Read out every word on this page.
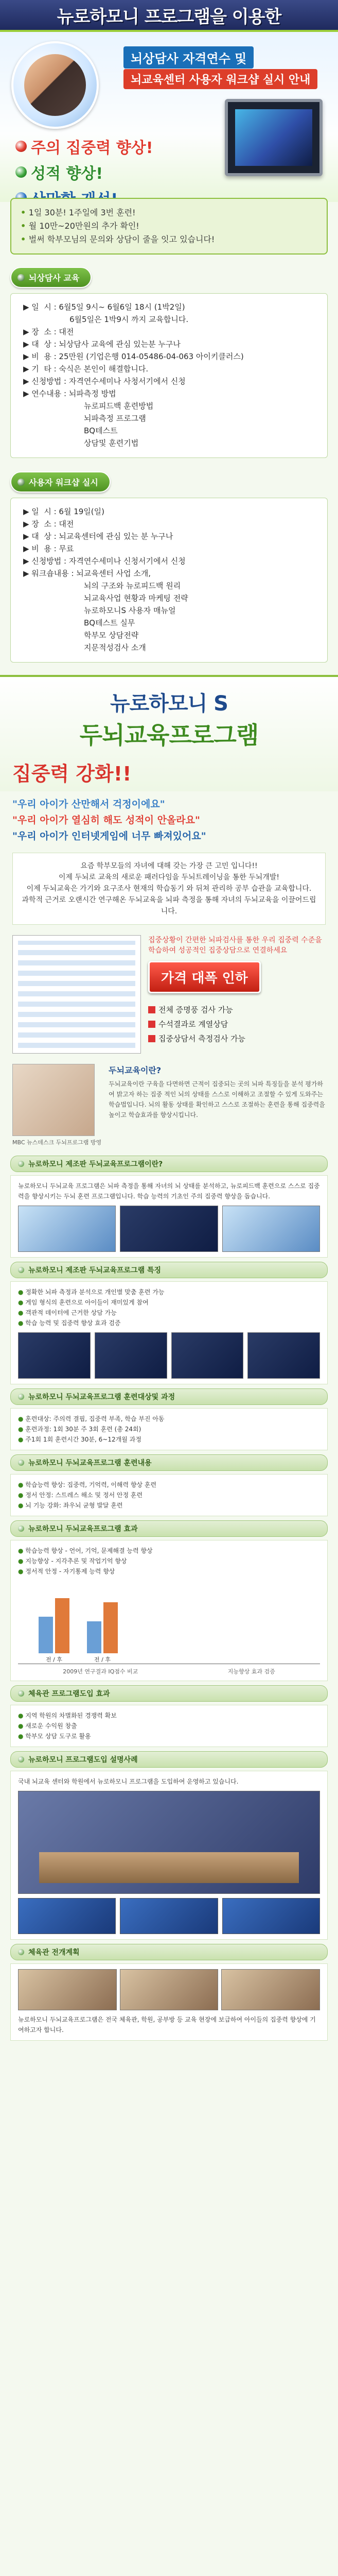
뉴로하모니 프로그램을 이용한
뇌상담사 자격연수 및
뇌교육센터 사용자 워크샵 실시 안내
주의 집중력 향상!
성적 향상!

• 1일 30분! 1주일에 3번 훈련!

• 월 10만~20만원의 추가 확인!

• 벌써 학부모님의 문의와 상담이 줄을 잇고 있습니다!

뇌상담사 교육
▶ 일  시 : 6월5일 9시~ 6월6일 18시 (1박2일)
6월5일은 1박9시 까지 교육합니다.
▶ 장  소 : 대전
▶ 대  상 : 뇌상담사 교육에 관심 있는분 누구나
▶ 비  용 : 25만원 (기업은행 014-05486-04-063 아이키클러스)
▶ 기  타 : 숙식은 본인이 해결합니다.
▶ 신청방법 : 자격연수세미나 사청서기에서 신청
▶ 연수내용 : 뇌파측정 방법
뉴로피드백 훈련방법
뇌파측정 프로그램
BQ테스트
상담및 훈련기법
사용자 워크샵 실시
▶ 일  시 : 6월 19일(일)
▶ 장  소 : 대전
▶ 대  상 : 뇌교육센터에 관심 있는 분 누구나
▶ 비  용 : 무료
▶ 신청방법 : 자격연수세미나 신청서기에서 신청
▶ 워크숍내용 : 뇌교육센터 사업 소개,
뇌의 구조와 뉴로피드백 원리
뇌교육사업 현황과 마케팅 전략
뉴로하모니S 사용자 매뉴얼
BQ테스트 실무
학부모 상담전략
지문적성검사 소개
뉴로하모니 S
두뇌교육프로그램
집중력 강화!!
"우리 아이가 산만해서 걱정이에요"
"우리 아이가 열심히 해도 성적이 안올라요"
"우리 아이가 인터넷게임에 너무 빠져있어요"

요즘 학부모들의 자녀에 대해 갖는 가장 큰 고민 입니다!!

이제 두뇌로 교육의 새로운 패러다임을 두뇌트레이닝을 통한 두뇌개발!

이제 두뇌교육은 가기와 요구조사 현재의 학습동기 와 뒤쳐 관리하 공부 습관을 교육합니다.

과학적 근거로 오랜시간 연구해온 두뇌교육을 뇌파 측정을 통해 자녀의 두뇌교육을 이끌어드립니다.

집중상황이 간편한 뇌파검사를 통한 우리 집중력 수준을 학습하여 성공적인 집중상담으로 연결하세요
가격 대폭 인하
전체 증명풍 검사 가능
수석결과로 계열상담
집중상담서 측정검사 가능
MBC 뉴스데스크 두뇌프로그램 방영
두뇌교육이란?

두뇌교육이란 구육을 다면하면 근적이 집중되는 곳의 뇌파 특징들을 분석 평가하여 밝고자 하는 집중 적인 뇌의 상태를 스스로 이해하고 조절할 수 있게 도와주는 학습법입니다. 뇌의 활동 상태를 확인하고 스스로 조절하는 훈련을 통해 집중력을 높이고 학습효과를 향상시킵니다.

뉴로하모니 제조판 두뇌교육프로그램이란?

뉴로하모니 두뇌교육 프로그램은 뇌파 측정을 통해 자녀의 뇌 상태를 분석하고, 뉴로피드백 훈련으로 스스로 집중력을 향상시키는 두뇌 훈련 프로그램입니다. 학습 능력의 기초인 주의 집중력 향상을 돕습니다.

뉴로하모니 제조판 두뇌교육프로그램 특징
● 정확한 뇌파 측정과 분석으로 개인별 맞춤 훈련 가능
● 게임 형식의 훈련으로 아이들이 재미있게 참여
● 객관적 데이터에 근거한 상담 가능
● 학습 능력 및 집중력 향상 효과 검증
뉴로하모니 두뇌교육프로그램 훈련대상및 과정
● 훈련대상: 주의력 결핍, 집중력 부족, 학습 부진 아동
● 훈련과정: 1회 30분 주 3회 훈련 (총 24회)
● 주1회 1회 훈련시간 30분, 6~12개월 과정
뉴로하모니 두뇌교육프로그램 훈련내용
● 학습능력 향상: 집중력, 기억력, 이해력 향상 훈련
● 정서 안정: 스트레스 해소 및 정서 안정 훈련
● 뇌 기능 강화: 좌우뇌 균형 발달 훈련
뉴로하모니 두뇌교육프로그램 효과
● 학습능력 향상 - 언어, 기억, 문제해결 능력 향상
● 지능향상 - 지각추론 및 작업기억 향상
● 정서적 안정 - 자기통제 능력 향상
전 / 후	전 / 후
2009년 연구결과 IQ점수 비교	지능향상 효과 검증
체육관 프로그램도입 효과
● 지역 학원의 차별화된 경쟁력 확보
● 새로운 수익원 창출
● 학부모 상담 도구로 활용
뉴로하모니 프로그램도입 설명사례

국내 뇌교육 센터와 학원에서 뉴로하모니 프로그램을 도입하여 운영하고 있습니다.

체육관 전개계획

뉴로하모니 두뇌교육프로그램은 전국 체육관, 학원, 공부방 등 교육 현장에 보급하여 아이들의 집중력 향상에 기여하고자 합니다.
